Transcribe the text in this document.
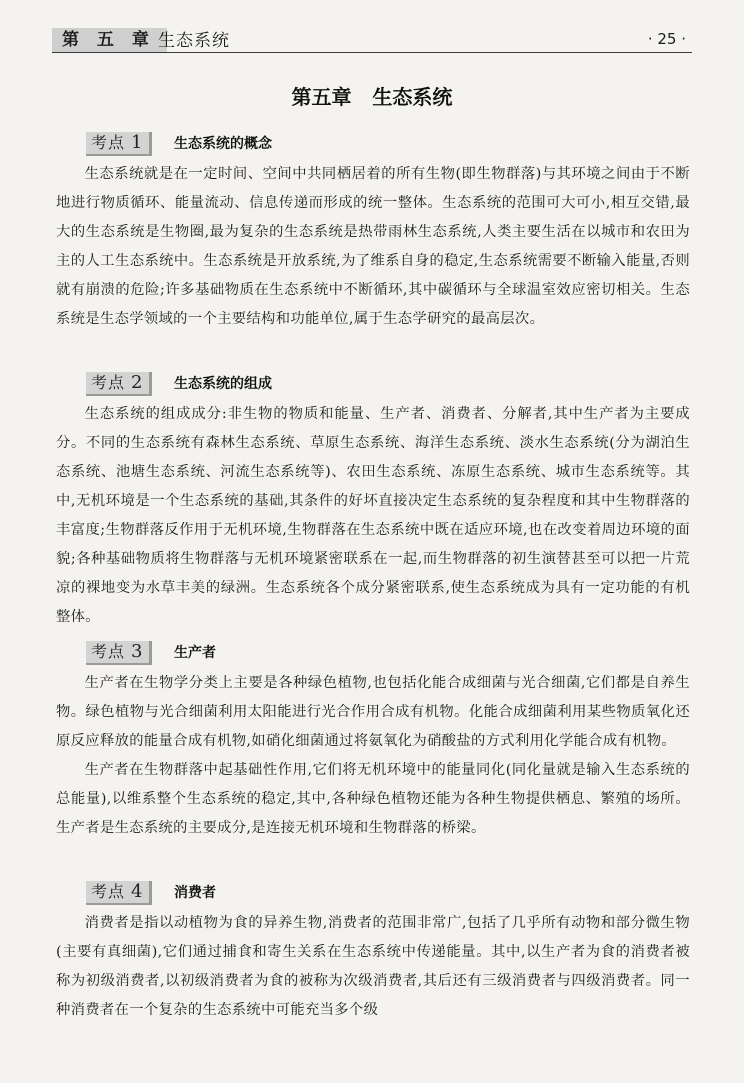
第 五 章 生态系统	· 25 ·
第五章   生态系统
考点 1	生态系统的概念

生态系统就是在一定时间、空间中共同栖居着的所有生物(即生物群落)与其环境之间由于不断地进行物质循环、能量流动、信息传递而形成的统一整体。生态系统的范围可大可小,相互交错,最大的生态系统是生物圈,最为复杂的生态系统是热带雨林生态系统,人类主要生活在以城市和农田为主的人工生态系统中。生态系统是开放系统,为了维系自身的稳定,生态系统需要不断输入能量,否则就有崩溃的危险;许多基础物质在生态系统中不断循环,其中碳循环与全球温室效应密切相关。生态系统是生态学领域的一个主要结构和功能单位,属于生态学研究的最高层次。

考点 2	生态系统的组成

生态系统的组成成分:非生物的物质和能量、生产者、消费者、分解者,其中生产者为主要成分。不同的生态系统有森林生态系统、草原生态系统、海洋生态系统、淡水生态系统(分为湖泊生态系统、池塘生态系统、河流生态系统等)、农田生态系统、冻原生态系统、城市生态系统等。其中,无机环境是一个生态系统的基础,其条件的好坏直接决定生态系统的复杂程度和其中生物群落的丰富度;生物群落反作用于无机环境,生物群落在生态系统中既在适应环境,也在改变着周边环境的面貌;各种基础物质将生物群落与无机环境紧密联系在一起,而生物群落的初生演替甚至可以把一片荒凉的裸地变为水草丰美的绿洲。生态系统各个成分紧密联系,使生态系统成为具有一定功能的有机整体。

考点 3	生产者

生产者在生物学分类上主要是各种绿色植物,也包括化能合成细菌与光合细菌,它们都是自养生物。绿色植物与光合细菌利用太阳能进行光合作用合成有机物。化能合成细菌利用某些物质氧化还原反应释放的能量合成有机物,如硝化细菌通过将氨氧化为硝酸盐的方式利用化学能合成有机物。

生产者在生物群落中起基础性作用,它们将无机环境中的能量同化(同化量就是输入生态系统的总能量),以维系整个生态系统的稳定,其中,各种绿色植物还能为各种生物提供栖息、繁殖的场所。生产者是生态系统的主要成分,是连接无机环境和生物群落的桥梁。

考点 4	消费者

消费者是指以动植物为食的异养生物,消费者的范围非常广,包括了几乎所有动物和部分微生物(主要有真细菌),它们通过捕食和寄生关系在生态系统中传递能量。其中,以生产者为食的消费者被称为初级消费者,以初级消费者为食的被称为次级消费者,其后还有三级消费者与四级消费者。同一种消费者在一个复杂的生态系统中可能充当多个级
